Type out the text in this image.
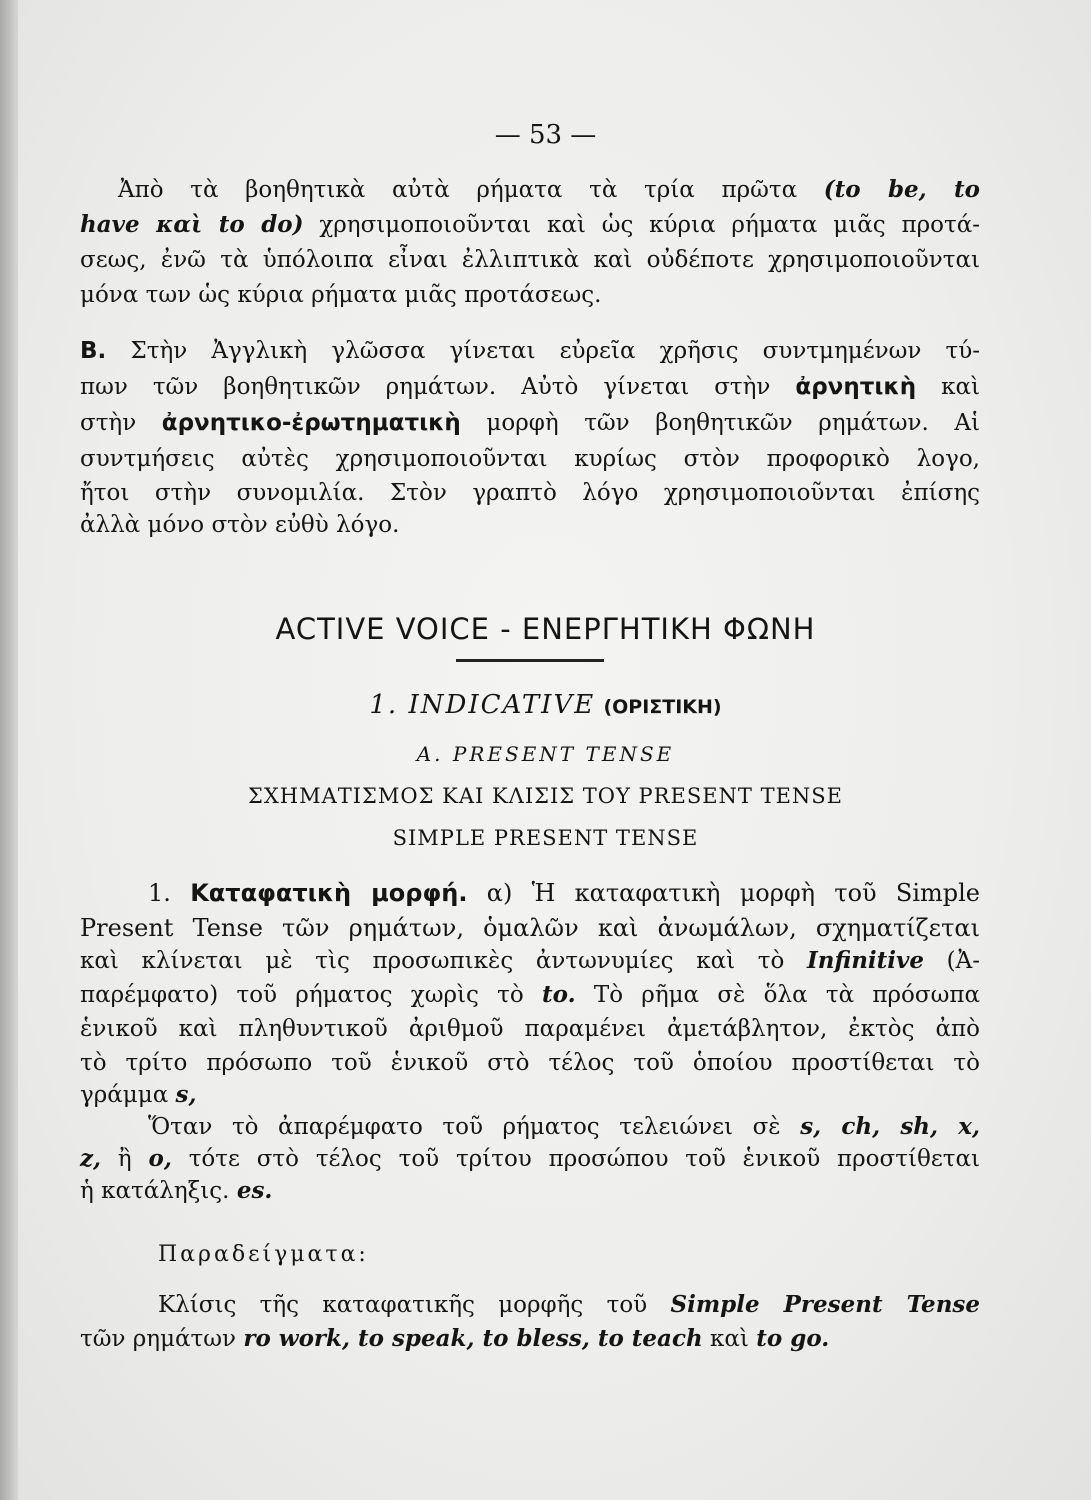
— 53 —
Ἀπὸ τὰ βοηθητικὰ αὐτὰ ρήματα τὰ τρία πρῶτα (to be, to
have καὶ to do) χρησιμοποιοῦνται καὶ ὡς κύρια ρήματα μιᾶς προτά-
σεως, ἐνῶ τὰ ὑπόλοιπα εἶναι ἐλλιπτικὰ καὶ οὐδέποτε χρησιμοποιοῦνται
μόνα των ὡς κύρια ρήματα μιᾶς προτάσεως.
Β. Στὴν Ἀγγλικὴ γλῶσσα γίνεται εὐρεῖα χρῆσις συντμημένων τύ-
πων τῶν βοηθητικῶν ρημάτων. Αὐτὸ γίνεται στὴν ἀρνητικὴ καὶ
στὴν ἀρνητικο-ἐρωτηματικὴ μορφὴ τῶν βοηθητικῶν ρημάτων. Αἱ
συντμήσεις αὐτὲς χρησιμοποιοῦνται κυρίως στὸν προφορικὸ λογο,
ἤτοι στὴν συνομιλία. Στὸν γραπτὸ λόγο χρησιμοποιοῦνται ἐπίσης
ἀλλὰ μόνο στὸν εὐθὺ λόγο.
ACTIVE VOICE - ΕΝΕΡΓΗΤΙΚΗ ΦΩΝΗ
1. INDICATIVE (ΟΡΙΣΤΙΚΗ)
A. PRESENT TENSE
ΣΧΗΜΑΤΙΣΜΟΣ ΚΑΙ ΚΛΙΣΙΣ ΤΟΥ PRESENT TENSE
SIMPLE PRESENT TENSE
1. Καταφατικὴ μορφή. α) Ἡ καταφατικὴ μορφὴ τοῦ Simple
Present Tense τῶν ρημάτων, ὁμαλῶν καὶ ἀνωμάλων, σχηματίζεται
καὶ κλίνεται μὲ τὶς προσωπικὲς ἀντωνυμίες καὶ τὸ Infinitive (Ἀ-
παρέμφατο) τοῦ ρήματος χωρὶς τὸ to. Τὸ ρῆμα σὲ ὅλα τὰ πρόσωπα
ἑνικοῦ καὶ πληθυντικοῦ ἀριθμοῦ παραμένει ἀμετάβλητον, ἐκτὸς ἀπὸ
τὸ τρίτο πρόσωπο τοῦ ἑνικοῦ στὸ τέλος τοῦ ὁποίου προστίθεται τὸ
γράμμα s,
Ὅταν τὸ ἀπαρέμφατο τοῦ ρήματος τελειώνει σὲ s, ch, sh, x,
z, ἢ o, τότε στὸ τέλος τοῦ τρίτου προσώπου τοῦ ἑνικοῦ προστίθεται
ἡ κατάληξις. es.
Παραδείγματα:
Κλίσις τῆς καταφατικῆς μορφῆς τοῦ Simple Present Tense
τῶν ρημάτων ro work, to speak, to bless, to teach καὶ to go.
